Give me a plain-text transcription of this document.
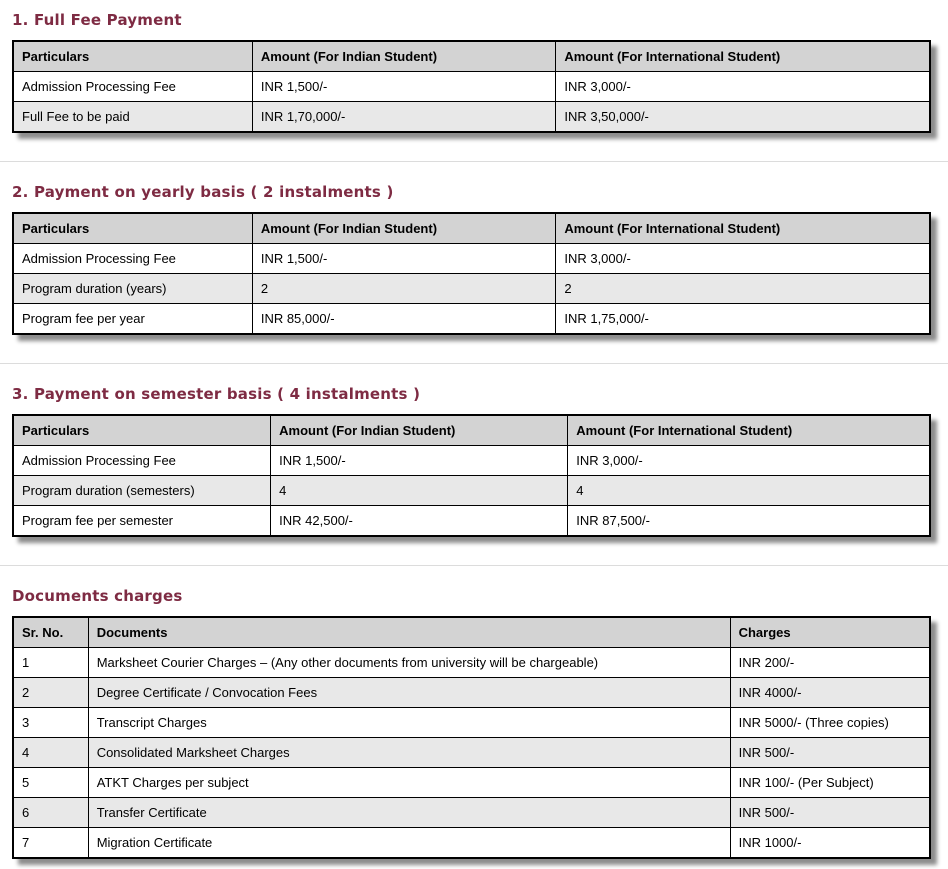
1. Full Fee Payment
Particulars	Amount (For Indian Student)	Amount (For International Student)
Admission Processing Fee	INR 1,500/-	INR 3,000/-
Full Fee to be paid	INR 1,70,000/-	INR 3,50,000/-
2. Payment on yearly basis ( 2 instalments )
Particulars	Amount (For Indian Student)	Amount (For International Student)
Admission Processing Fee	INR 1,500/-	INR 3,000/-
Program duration (years)	2	2
Program fee per year	INR 85,000/-	INR 1,75,000/-
3. Payment on semester basis ( 4 instalments )
Particulars	Amount (For Indian Student)	Amount (For International Student)
Admission Processing Fee	INR 1,500/-	INR 3,000/-
Program duration (semesters)	4	4
Program fee per semester	INR 42,500/-	INR 87,500/-
Documents charges
Sr. No.	Documents	Charges
1	Marksheet Courier Charges – (Any other documents from university will be chargeable)	INR 200/-
2	Degree Certificate / Convocation Fees	INR 4000/-
3	Transcript Charges	INR 5000/- (Three copies)
4	Consolidated Marksheet Charges	INR 500/-
5	ATKT Charges per subject	INR 100/- (Per Subject)
6	Transfer Certificate	INR 500/-
7	Migration Certificate	INR 1000/-
